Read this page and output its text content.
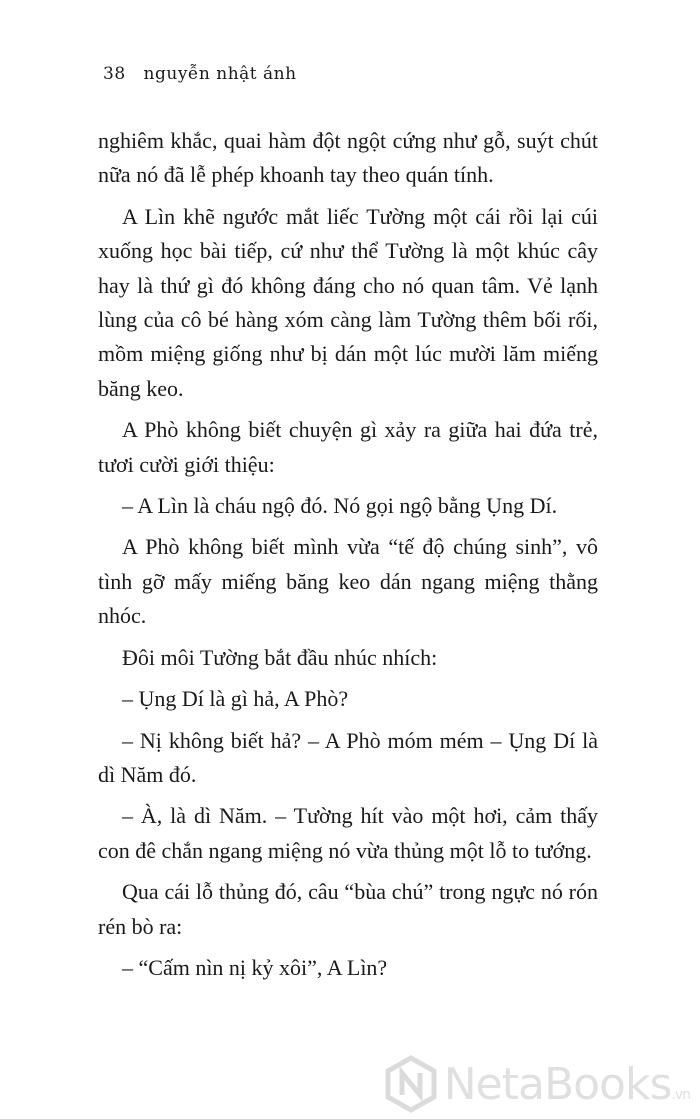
38 nguyễn nhật ánh

nghiêm khắc, quai hàm đột ngột cứng như gỗ, suýt chút nữa nó đã lễ phép khoanh tay theo quán tính.

A Lìn khẽ ngước mắt liếc Tường một cái rồi lại cúi xuống học bài tiếp, cứ như thể Tường là một khúc cây hay là thứ gì đó không đáng cho nó quan tâm. Vẻ lạnh lùng của cô bé hàng xóm càng làm Tường thêm bối rối, mồm miệng giống như bị dán một lúc mười lăm miếng băng keo.

A Phò không biết chuyện gì xảy ra giữa hai đứa trẻ, tươi cười giới thiệu:

– A Lìn là cháu ngộ đó. Nó gọi ngộ bằng Ụng Dí.

A Phò không biết mình vừa “tế độ chúng sinh”, vô tình gỡ mấy miếng băng keo dán ngang miệng thằng nhóc.

Đôi môi Tường bắt đầu nhúc nhích:

– Ụng Dí là gì hả, A Phò?

– Nị không biết hả? – A Phò móm mém – Ụng Dí là dì Năm đó.

– À, là dì Năm. – Tường hít vào một hơi, cảm thấy con đê chắn ngang miệng nó vừa thủng một lỗ to tướng.

Qua cái lỗ thủng đó, câu “bùa chú” trong ngực nó rón rén bò ra:

– “Cấm nìn nị kỷ xôi”, A Lìn?

NetaBooks.vn
